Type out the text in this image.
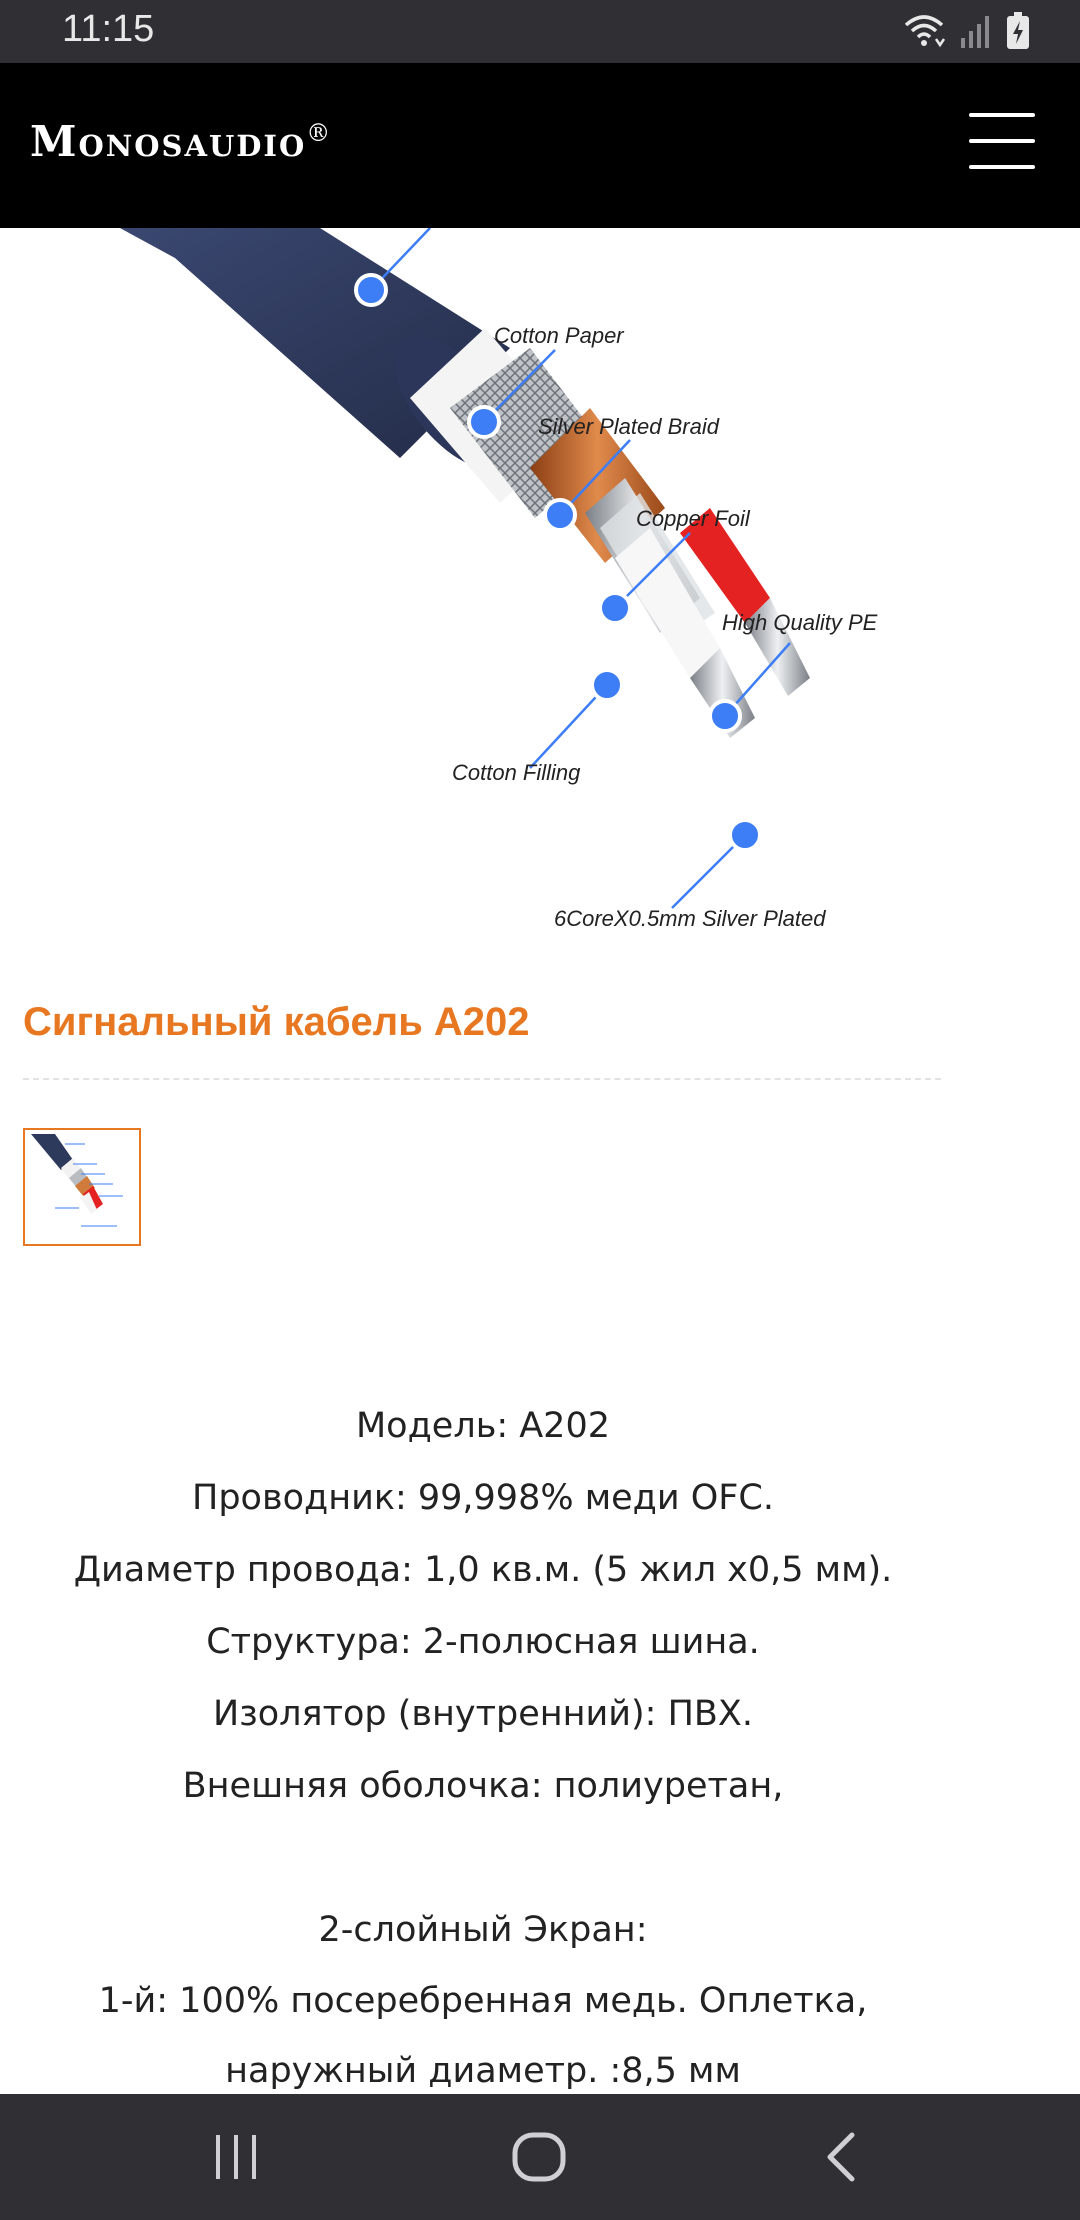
11:15
Monosaudio®
Cotton Paper
Silver Plated Braid
Copper Foil
High Quality PE
Cotton Filling
6CoreX0.5mm Silver Plated
Сигнальный кабель A202
Модель: A202
Проводник: 99,998% меди OFC.
Диаметр провода: 1,0 кв.м. (5 жил x0,5 мм).
Структура: 2-полюсная шина.
Изолятор (внутренний): ПВХ.
Внешняя оболочка: полиуретан,
2-слойный Экран:
1-й: 100% посеребренная медь. Оплетка, наружный диаметр. :8,5 мм
